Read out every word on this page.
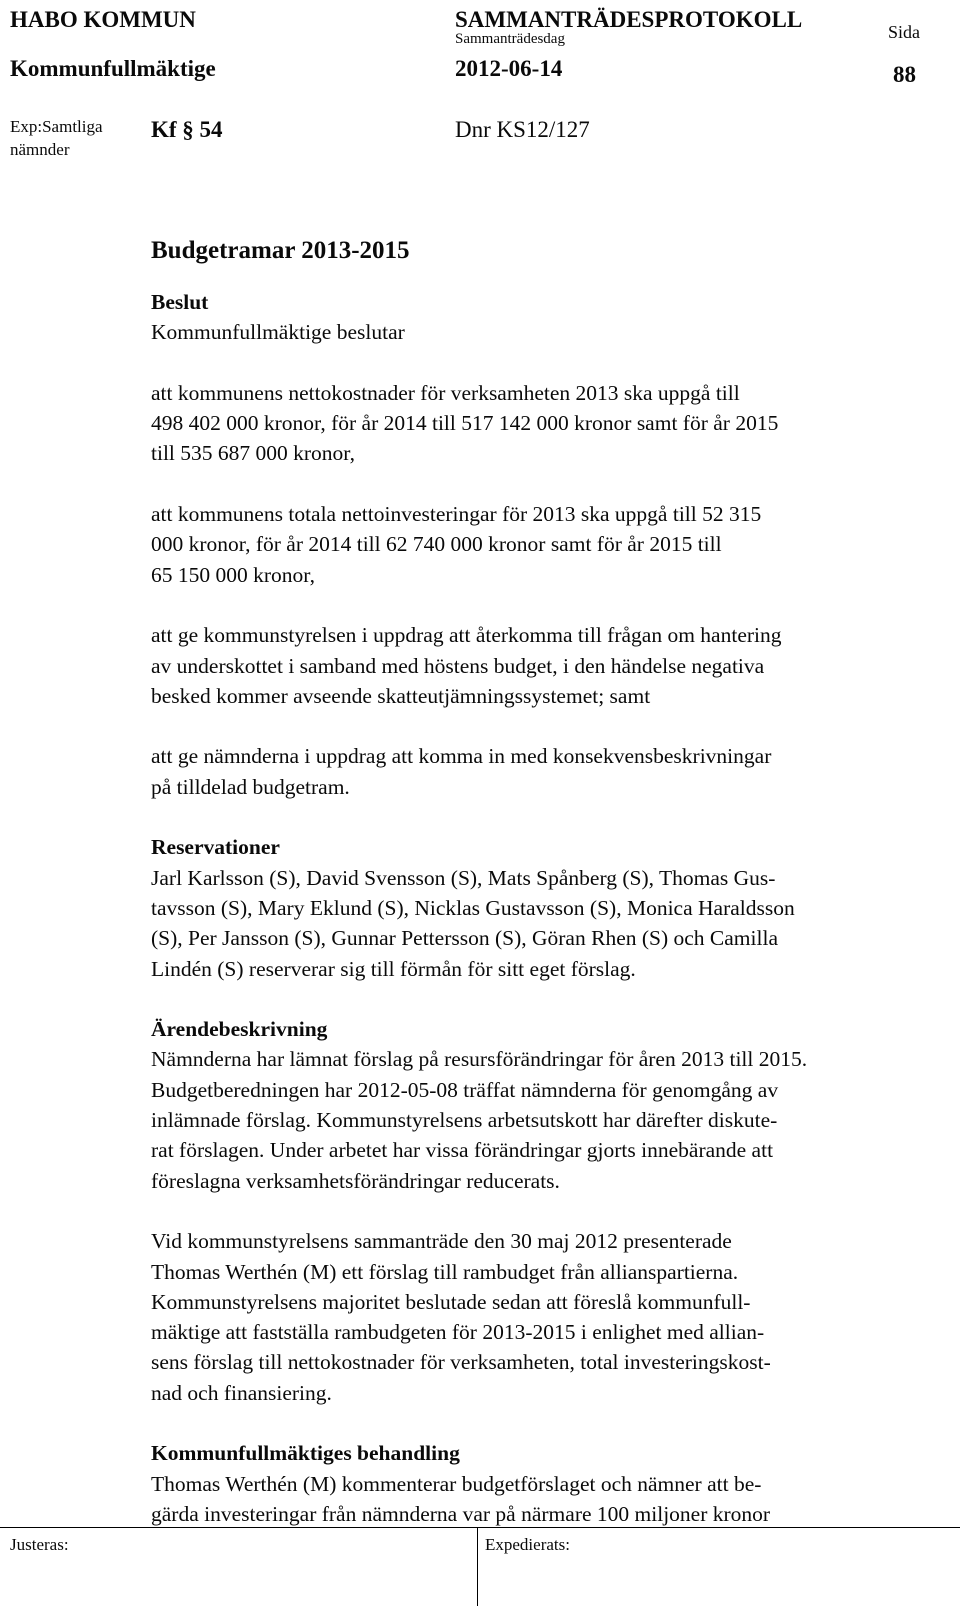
HABO KOMMUN
Kommunfullmäktige
SAMMANTRÄDESPROTOKOLL
Sammanträdesdag
2012-06-14
Sida
88
Exp:Samtliga
nämnder
Kf § 54	Dnr KS12/127

Budgetramar 2013-2015

Beslut

Kommunfullmäktige beslutar

att kommunens nettokostnader för verksamheten 2013 ska uppgå till

498 402 000 kronor, för år 2014 till 517 142 000 kronor samt för år 2015

till 535 687 000 kronor,

att kommunens totala nettoinvesteringar för 2013 ska uppgå till 52 315

000 kronor, för år 2014 till 62 740 000 kronor samt för år 2015 till

65 150 000 kronor,

att ge kommunstyrelsen i uppdrag att återkomma till frågan om hantering

av underskottet i samband med höstens budget, i den händelse negativa

besked kommer avseende skatteutjämningssystemet; samt

att ge nämnderna i uppdrag att komma in med konsekvensbeskrivningar

på tilldelad budgetram.

Reservationer

Jarl Karlsson (S), David Svensson (S), Mats Spånberg (S), Thomas Gus-

tavsson (S), Mary Eklund (S), Nicklas Gustavsson (S), Monica Haraldsson

(S), Per Jansson (S), Gunnar Pettersson (S), Göran Rhen (S) och Camilla

Lindén (S) reserverar sig till förmån för sitt eget förslag.

Ärendebeskrivning

Nämnderna har lämnat förslag på resursförändringar för åren 2013 till 2015.

Budgetberedningen har 2012-05-08 träffat nämnderna för genomgång av

inlämnade förslag. Kommunstyrelsens arbetsutskott har därefter diskute-

rat förslagen. Under arbetet har vissa förändringar gjorts innebärande att

föreslagna verksamhetsförändringar reducerats.

Vid kommunstyrelsens sammanträde den 30 maj 2012 presenterade

Thomas Werthén (M) ett förslag till rambudget från allianspartierna.

Kommunstyrelsens majoritet beslutade sedan att föreslå kommunfull-

mäktige att fastställa rambudgeten för 2013-2015 i enlighet med allian-

sens förslag till nettokostnader för verksamheten, total investeringskost-

nad och finansiering.

Kommunfullmäktiges behandling

Thomas Werthén (M) kommenterar budgetförslaget och nämner att be-

gärda investeringar från nämnderna var på närmare 100 miljoner kronor

Justeras:	Expedierats:
